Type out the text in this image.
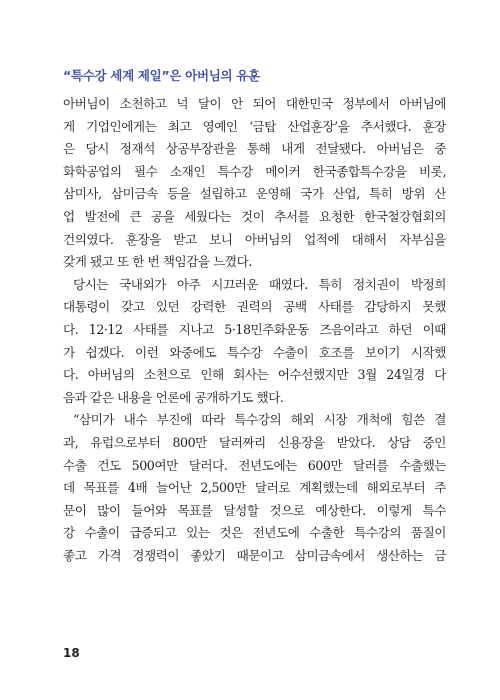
“특수강 세계 제일”은 아버님의 유훈

아버님이 소천하고 넉 달이 안 되어 대한민국 정부에서 아버님에
게 기업인에게는 최고 영예인 ‘금탑 산업훈장’을 추서했다. 훈장
은 당시 정재석 상공부장관을 통해 내게 전달됐다. 아버님은 중
화학공업의 필수 소재인 특수강 메이커 한국종합특수강을 비롯,
삼미사, 삼미금속 등을 설립하고 운영해 국가 산업, 특히 방위 산
업 발전에 큰 공을 세웠다는 것이 추서를 요청한 한국철강협회의
건의였다. 훈장을 받고 보니 아버님의 업적에 대해서 자부심을
갖게 됐고 또 한 번 책임감을 느꼈다.

당시는 국내외가 아주 시끄러운 때였다. 특히 정치권이 박정희
대통령이 갖고 있던 강력한 권력의 공백 사태를 감당하지 못했
다. 12·12 사태를 지나고 5·18민주화운동 즈음이라고 하던 이때
가 쉽겠다. 이런 와중에도 특수강 수출이 호조를 보이기 시작했
다. 아버님의 소천으로 인해 회사는 어수선했지만 3월 24일경 다
음과 같은 내용을 언론에 공개하기도 했다.

“삼미가 내수 부진에 따라 특수강의 해외 시장 개척에 힘쓴 결
과, 유럽으로부터 800만 달러짜리 신용장을 받았다. 상담 중인
수출 건도 500여만 달러다. 전년도에는 600만 달러를 수출했는
데 목표를 4배 늘어난 2,500만 달러로 계획했는데 해외로부터 주
문이 많이 들어와 목표를 달성할 것으로 예상한다. 이렇게 특수
강 수출이 급증되고 있는 것은 전년도에 수출한 특수강의 품질이
좋고 가격 경쟁력이 좋았기 때문이고 삼미금속에서 생산하는 금

18
